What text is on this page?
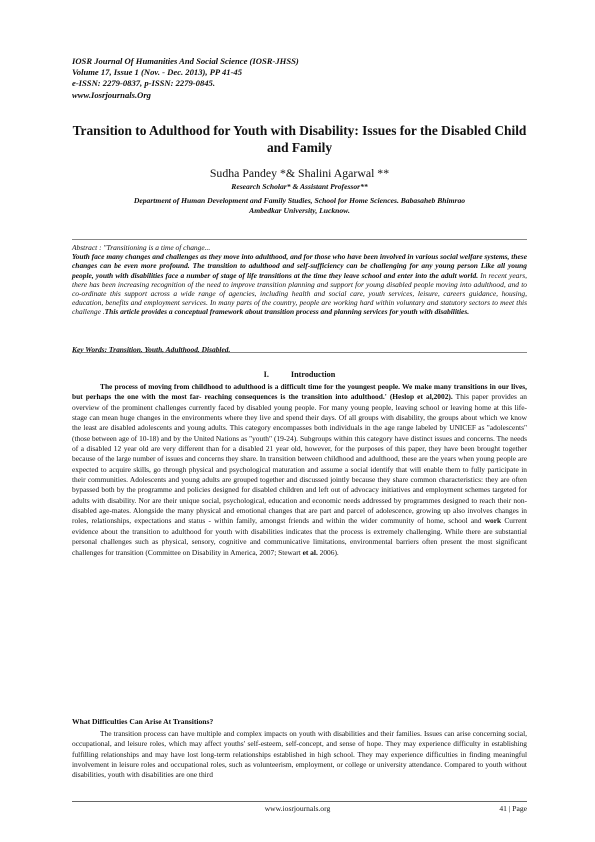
IOSR Journal Of Humanities And Social Science (IOSR-JHSS)
Volume 17, Issue 1 (Nov. - Dec. 2013), PP 41-45
e-ISSN: 2279-0837, p-ISSN: 2279-0845.
www.Iosrjournals.Org
Transition to Adulthood for Youth with Disability: Issues for the Disabled Child and Family
Sudha Pandey *& Shalini Agarwal **
Research Scholar* & Assistant Professor**
Department of Human Development and Family Studies, School for Home Sciences. Babasaheb Bhimrao
Ambedkar University, Lucknow.
Abstract : "Transitioning is a time of change...
Youth face many changes and challenges as they move into adulthood, and for those who have been involved in various social welfare systems, these changes can be even more profound. The transition to adulthood and self-sufficiency can be challenging for any young person Like all young people, youth with disabilities face a number of stage of life transitions at the time they leave school and enter into the adult world. In recent years, there has been increasing recognition of the need to improve transition planning and support for young disabled people moving into adulthood, and to co-ordinate this support across a wide range of agencies, including health and social care, youth services, leisure, careers guidance, housing, education, benefits and employment services. In many parts of the country, people are working hard within voluntary and statutory sectors to meet this challenge .This article provides a conceptual framework about transition process and planning services for youth with disabilities.
Key Words: Transition, Youth, Adulthood, Disabled.
I.	Introduction

The process of moving from childhood to adulthood is a difficult time for the youngest people. We make many transitions in our lives, but perhaps the one with the most far- reaching consequences is the transition into adulthood.' (Heslop et al,2002). This paper provides an overview of the prominent challenges currently faced by disabled young people. For many young people, leaving school or leaving home at this life-stage can mean huge changes in the environments where they live and spend their days. Of all groups with disability, the groups about which we know the least are disabled adolescents and young adults. This category encompasses both individuals in the age range labeled by UNICEF as "adolescents" (those between age of 10-18) and by the United Nations as "youth" (19-24). Subgroups within this category have distinct issues and concerns. The needs of a disabled 12 year old are very different than for a disabled 21 year old, however, for the purposes of this paper, they have been brought together because of the large number of issues and concerns they share. In transition between childhood and adulthood, these are the years when young people are expected to acquire skills, go through physical and psychological maturation and assume a social identify that will enable them to fully participate in their communities. Adolescents and young adults are grouped together and discussed jointly because they share common characteristics: they are often bypassed both by the programme and policies designed for disabled children and left out of advocacy initiatives and employment schemes targeted for adults with disability. Nor are their unique social, psychological, education and economic needs addressed by programmes designed to reach their non-disabled age-mates. Alongside the many physical and emotional changes that are part and parcel of adolescence, growing up also involves changes in roles, relationships, expectations and status - within family, amongst friends and within the wider community of home, school and work Current evidence about the transition to adulthood for youth with disabilities indicates that the process is extremely challenging. While there are substantial personal challenges such as physical, sensory, cognitive and communicative limitations, environmental barriers often present the most significant challenges for transition (Committee on Disability in America, 2007; Stewart et al. 2006).

What Difficulties Can Arise At Transitions?

The transition process can have multiple and complex impacts on youth with disabilities and their families. Issues can arise concerning social, occupational, and leisure roles, which may affect youths' self-esteem, self-concept, and sense of hope. They may experience difficulty in establishing fulfilling relationships and may have lost long-term relationships established in high school. They may experience difficulties in finding meaningful involvement in leisure roles and occupational roles, such as volunteerism, employment, or college or university attendance. Compared to youth without disabilities, youth with disabilities are one third

www.iosrjournals.org	41 | Page
